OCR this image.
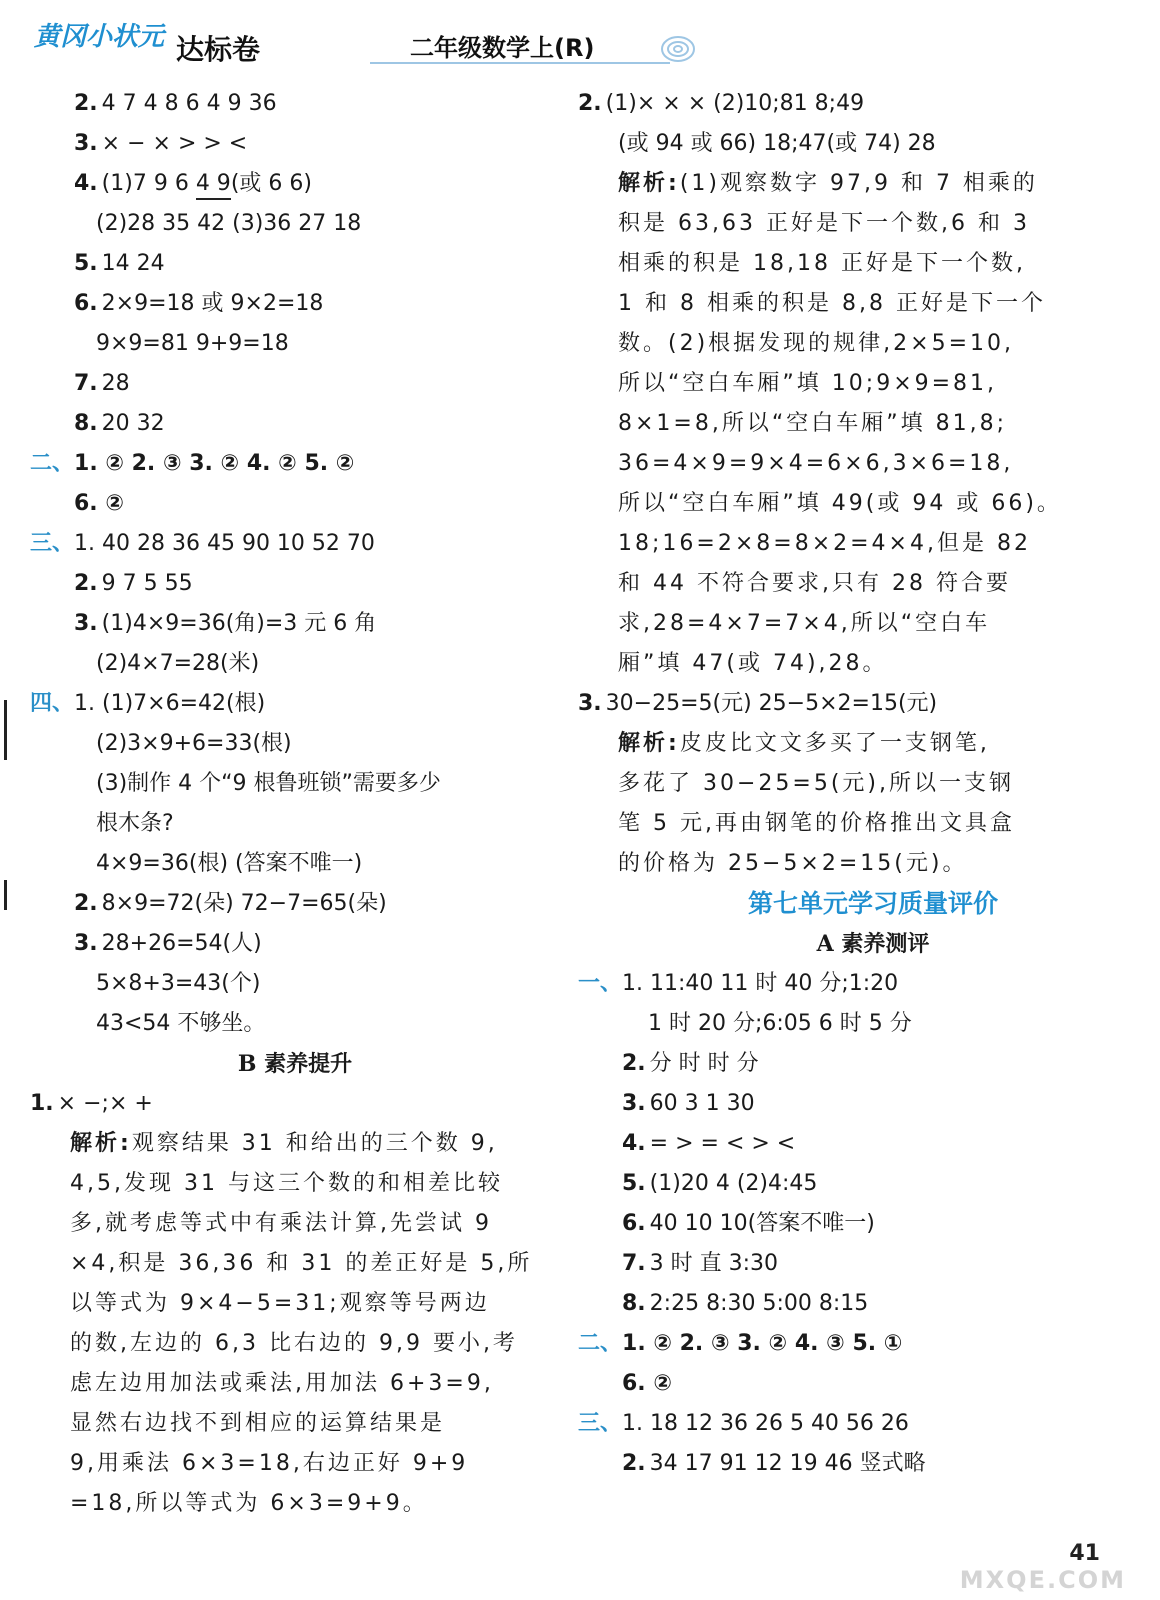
黄冈小状元 达标卷	二年级数学上(R)
2. 4 7 4 8 6 4 9 36
3. × − × > > <
4. (1)7 9 6 4 9(或 6 6)
(2)28 35 42 (3)36 27 18
5. 14 24
6. 2×9=18 或 9×2=18
9×9=81 9+9=18
7. 28
8. 20 32
二、1. ② 2. ③ 3. ② 4. ② 5. ②
6. ②
三、1. 40 28 36 45 90 10 52 70
2. 9 7 5 55
3. (1)4×9=36(角)=3 元 6 角
(2)4×7=28(米)
四、1. (1)7×6=42(根)
(2)3×9+6=33(根)
(3)制作 4 个“9 根鲁班锁”需要多少
根木条?
4×9=36(根) (答案不唯一)
2. 8×9=72(朵) 72−7=65(朵)
3. 28+26=54(人)
5×8+3=43(个)
43<54 不够坐。
B 素养提升
1. × −;× +
解析:观察结果 31 和给出的三个数 9,
4,5,发现 31 与这三个数的和相差比较
多,就考虑等式中有乘法计算,先尝试 9
×4,积是 36,36 和 31 的差正好是 5,所
以等式为 9×4−5=31;观察等号两边
的数,左边的 6,3 比右边的 9,9 要小,考
虑左边用加法或乘法,用加法 6+3=9,
显然右边找不到相应的运算结果是
9,用乘法 6×3=18,右边正好 9+9
=18,所以等式为 6×3=9+9。
2. (1)× × × (2)10;81 8;49
(或 94 或 66) 18;47(或 74) 28
解析:(1)观察数字 97,9 和 7 相乘的
积是 63,63 正好是下一个数,6 和 3
相乘的积是 18,18 正好是下一个数,
1 和 8 相乘的积是 8,8 正好是下一个
数。(2)根据发现的规律,2×5=10,
所以“空白车厢”填 10;9×9=81,
8×1=8,所以“空白车厢”填 81,8;
36=4×9=9×4=6×6,3×6=18,
所以“空白车厢”填 49(或 94 或 66)。
18;16=2×8=8×2=4×4,但是 82
和 44 不符合要求,只有 28 符合要
求,28=4×7=7×4,所以“空白车
厢”填 47(或 74),28。
3. 30−25=5(元) 25−5×2=15(元)
解析:皮皮比文文多买了一支钢笔,
多花了 30−25=5(元),所以一支钢
笔 5 元,再由钢笔的价格推出文具盒
的价格为 25−5×2=15(元)。
第七单元学习质量评价
A 素养测评
一、1. 11:40 11 时 40 分;1:20
1 时 20 分;6:05 6 时 5 分
2. 分 时 时 分
3. 60 3 1 30
4. = > = < > <
5. (1)20 4 (2)4:45
6. 40 10 10(答案不唯一)
7. 3 时 直 3:30
8. 2:25 8:30 5:00 8:15
二、1. ② 2. ③ 3. ② 4. ③ 5. ①
6. ②
三、1. 18 12 36 26 5 40 56 26
2. 34 17 91 12 19 46 竖式略
MXQE.COM
41
